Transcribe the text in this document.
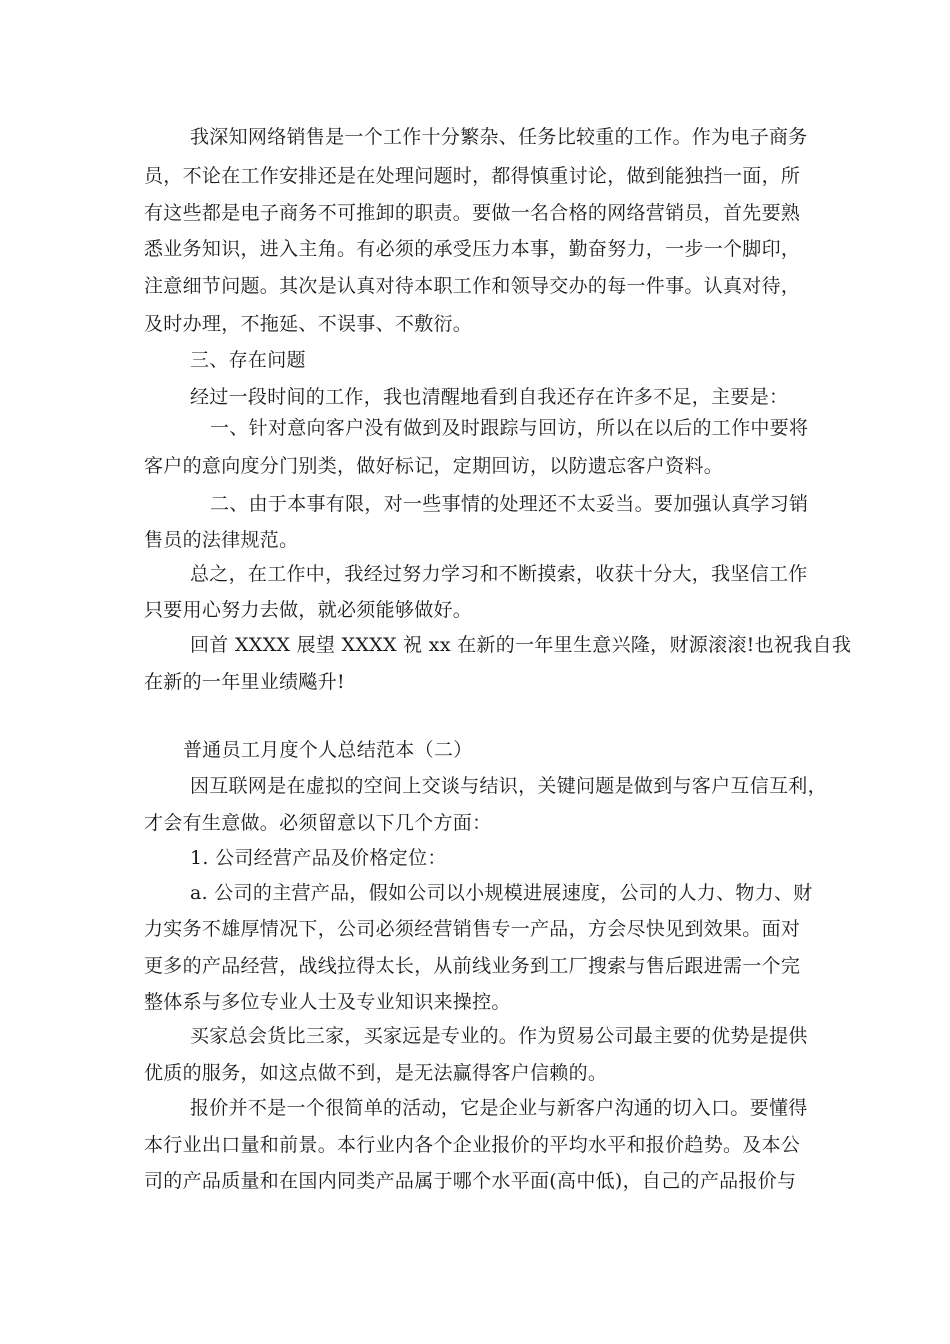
我深知网络销售是一个工作十分繁杂、任务比较重的工作。作为电子商务
员，不论在工作安排还是在处理问题时，都得慎重讨论，做到能独挡一面，所
有这些都是电子商务不可推卸的职责。要做一名合格的网络营销员，首先要熟
悉业务知识，进入主角。有必须的承受压力本事，勤奋努力，一步一个脚印，
注意细节问题。其次是认真对待本职工作和领导交办的每一件事。认真对待，
及时办理，不拖延、不误事、不敷衍。
三、存在问题
经过一段时间的工作，我也清醒地看到自我还存在许多不足，主要是：
一、针对意向客户没有做到及时跟踪与回访，所以在以后的工作中要将
客户的意向度分门别类，做好标记，定期回访，以防遗忘客户资料。
二、由于本事有限，对一些事情的处理还不太妥当。要加强认真学习销
售员的法律规范。
总之，在工作中，我经过努力学习和不断摸索，收获十分大，我坚信工作
只要用心努力去做，就必须能够做好。
回首 XXXX 展望 XXXX 祝 xx 在新的一年里生意兴隆，财源滚滚!也祝我自我
在新的一年里业绩飚升!
普通员工月度个人总结范本（二）
因互联网是在虚拟的空间上交谈与结识，关键问题是做到与客户互信互利，
才会有生意做。必须留意以下几个方面：
1. 公司经营产品及价格定位：
a. 公司的主营产品，假如公司以小规模进展速度，公司的人力、物力、财
力实务不雄厚情况下，公司必须经营销售专一产品，方会尽快见到效果。面对
更多的产品经营，战线拉得太长，从前线业务到工厂搜索与售后跟进需一个完
整体系与多位专业人士及专业知识来操控。
买家总会货比三家，买家远是专业的。作为贸易公司最主要的优势是提供
优质的服务，如这点做不到，是无法赢得客户信赖的。
报价并不是一个很简单的活动，它是企业与新客户沟通的切入口。要懂得
本行业出口量和前景。本行业内各个企业报价的平均水平和报价趋势。及本公
司的产品质量和在国内同类产品属于哪个水平面(高中低)，自己的产品报价与
